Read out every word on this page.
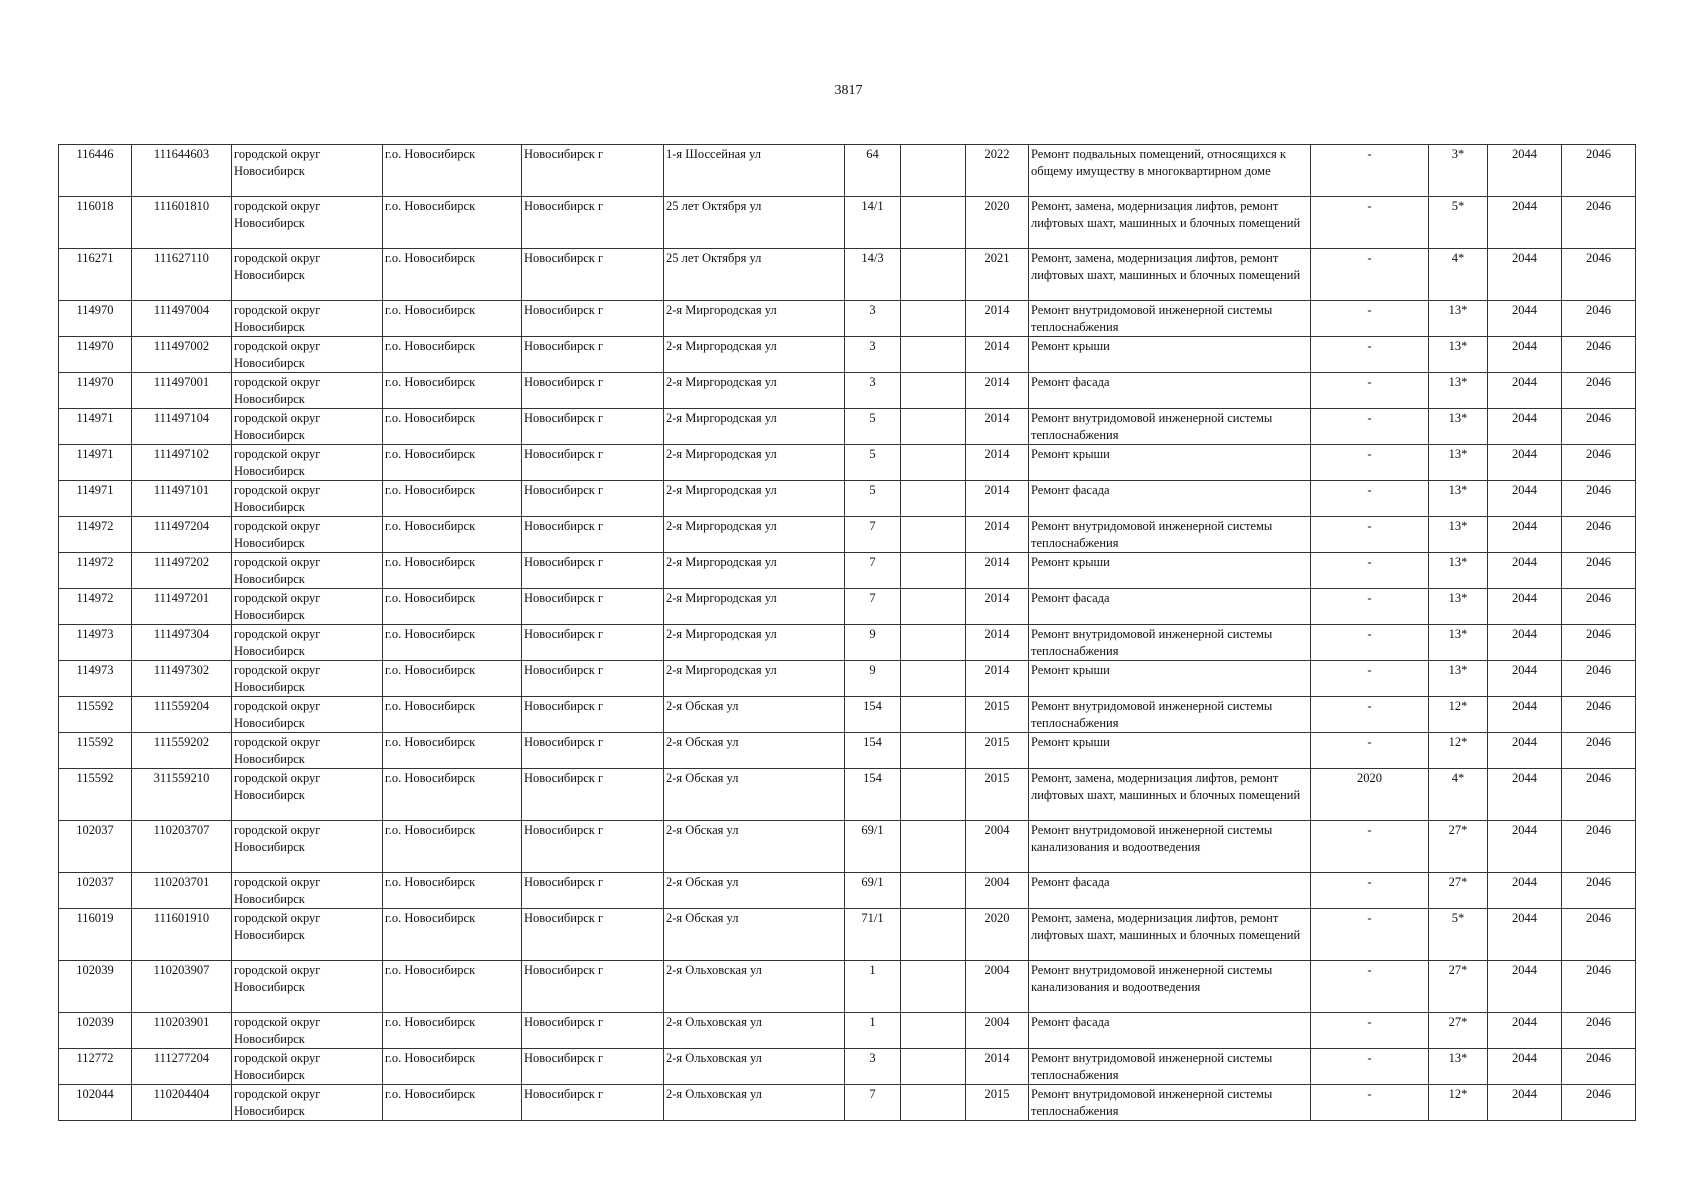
3817
116446	111644603	городской округ Новосибирск	г.о. Новосибирск	Новосибирск г	1-я Шоссейная ул	64		2022	Ремонт подвальных помещений, относящихся к общему имуществу в многоквартирном доме	-	3*	2044	2046
116018	111601810	городской округ Новосибирск	г.о. Новосибирск	Новосибирск г	25 лет Октября ул	14/1		2020	Ремонт, замена, модернизация лифтов, ремонт лифтовых шахт, машинных и блочных помещений	-	5*	2044	2046
116271	111627110	городской округ Новосибирск	г.о. Новосибирск	Новосибирск г	25 лет Октября ул	14/3		2021	Ремонт, замена, модернизация лифтов, ремонт лифтовых шахт, машинных и блочных помещений	-	4*	2044	2046
114970	111497004	городской округ Новосибирск	г.о. Новосибирск	Новосибирск г	2-я Миргородская ул	3		2014	Ремонт внутридомовой инженерной системы теплоснабжения	-	13*	2044	2046
114970	111497002	городской округ Новосибирск	г.о. Новосибирск	Новосибирск г	2-я Миргородская ул	3		2014	Ремонт крыши	-	13*	2044	2046
114970	111497001	городской округ Новосибирск	г.о. Новосибирск	Новосибирск г	2-я Миргородская ул	3		2014	Ремонт фасада	-	13*	2044	2046
114971	111497104	городской округ Новосибирск	г.о. Новосибирск	Новосибирск г	2-я Миргородская ул	5		2014	Ремонт внутридомовой инженерной системы теплоснабжения	-	13*	2044	2046
114971	111497102	городской округ Новосибирск	г.о. Новосибирск	Новосибирск г	2-я Миргородская ул	5		2014	Ремонт крыши	-	13*	2044	2046
114971	111497101	городской округ Новосибирск	г.о. Новосибирск	Новосибирск г	2-я Миргородская ул	5		2014	Ремонт фасада	-	13*	2044	2046
114972	111497204	городской округ Новосибирск	г.о. Новосибирск	Новосибирск г	2-я Миргородская ул	7		2014	Ремонт внутридомовой инженерной системы теплоснабжения	-	13*	2044	2046
114972	111497202	городской округ Новосибирск	г.о. Новосибирск	Новосибирск г	2-я Миргородская ул	7		2014	Ремонт крыши	-	13*	2044	2046
114972	111497201	городской округ Новосибирск	г.о. Новосибирск	Новосибирск г	2-я Миргородская ул	7		2014	Ремонт фасада	-	13*	2044	2046
114973	111497304	городской округ Новосибирск	г.о. Новосибирск	Новосибирск г	2-я Миргородская ул	9		2014	Ремонт внутридомовой инженерной системы теплоснабжения	-	13*	2044	2046
114973	111497302	городской округ Новосибирск	г.о. Новосибирск	Новосибирск г	2-я Миргородская ул	9		2014	Ремонт крыши	-	13*	2044	2046
115592	111559204	городской округ Новосибирск	г.о. Новосибирск	Новосибирск г	2-я Обская ул	154		2015	Ремонт внутридомовой инженерной системы теплоснабжения	-	12*	2044	2046
115592	111559202	городской округ Новосибирск	г.о. Новосибирск	Новосибирск г	2-я Обская ул	154		2015	Ремонт крыши	-	12*	2044	2046
115592	311559210	городской округ Новосибирск	г.о. Новосибирск	Новосибирск г	2-я Обская ул	154		2015	Ремонт, замена, модернизация лифтов, ремонт лифтовых шахт, машинных и блочных помещений	2020	4*	2044	2046
102037	110203707	городской округ Новосибирск	г.о. Новосибирск	Новосибирск г	2-я Обская ул	69/1		2004	Ремонт внутридомовой инженерной системы канализования и водоотведения	-	27*	2044	2046
102037	110203701	городской округ Новосибирск	г.о. Новосибирск	Новосибирск г	2-я Обская ул	69/1		2004	Ремонт фасада	-	27*	2044	2046
116019	111601910	городской округ Новосибирск	г.о. Новосибирск	Новосибирск г	2-я Обская ул	71/1		2020	Ремонт, замена, модернизация лифтов, ремонт лифтовых шахт, машинных и блочных помещений	-	5*	2044	2046
102039	110203907	городской округ Новосибирск	г.о. Новосибирск	Новосибирск г	2-я Ольховская ул	1		2004	Ремонт внутридомовой инженерной системы канализования и водоотведения	-	27*	2044	2046
102039	110203901	городской округ Новосибирск	г.о. Новосибирск	Новосибирск г	2-я Ольховская ул	1		2004	Ремонт фасада	-	27*	2044	2046
112772	111277204	городской округ Новосибирск	г.о. Новосибирск	Новосибирск г	2-я Ольховская ул	3		2014	Ремонт внутридомовой инженерной системы теплоснабжения	-	13*	2044	2046
102044	110204404	городской округ Новосибирск	г.о. Новосибирск	Новосибирск г	2-я Ольховская ул	7		2015	Ремонт внутридомовой инженерной системы теплоснабжения	-	12*	2044	2046
